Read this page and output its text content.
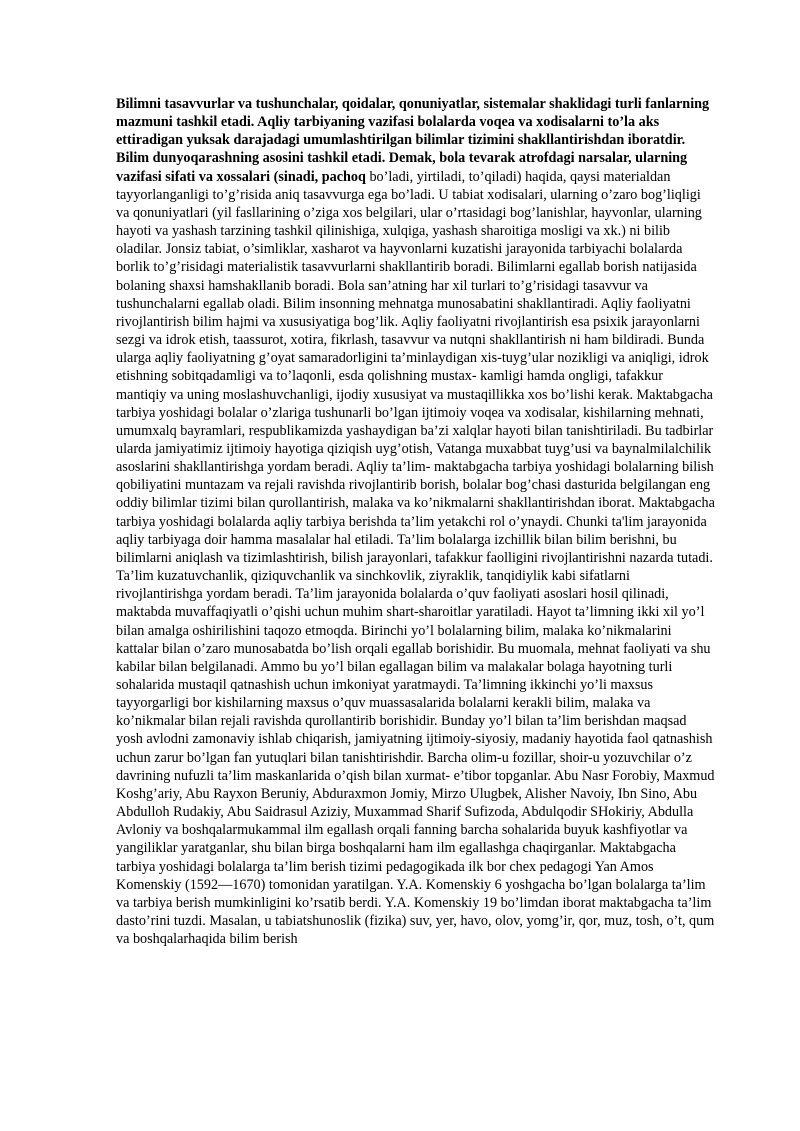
Bilimni tasavvurlar va tushunchalar, qoidalar, qonuniyatlar, sistemalar shaklidagi turli fanlarning mazmuni tashkil etadi. Aqliy tarbiyaning vazifasi bolalarda voqea va xodisalarni to’la aks ettiradigan yuksak darajadagi umumlashtirilgan bilimlar tizimini shakllantirishdan iboratdir. Bilim dunyoqarashning asosini tashkil etadi. Demak, bola tevarak atrofdagi narsalar, ularning vazifasi sifati va xossalari (sinadi, pachoq bo’ladi, yirtiladi, to’qiladi) haqida, qaysi materialdan tayyorlanganligi to’g’risida aniq tasavvurga ega bo’ladi. U tabiat xodisalari, ularning o’zaro bog’liqligi va qonuniyatlari (yil fasllarining o’ziga xos belgilari, ular o’rtasidagi bog’lanishlar, hayvonlar, ularning hayoti va yashash tarzining tashkil qilinishiga, xulqiga, yashash sharoitiga mosligi va xk.) ni bilib oladilar. Jonsiz tabiat, o’simliklar, xasharot va hayvonlarni kuzatishi jarayonida tarbiyachi bolalarda borlik to’g’risidagi materialistik tasavvurlarni shakllantirib boradi. Bilimlarni egallab borish natijasida bolaning shaxsi hamshakllanib boradi. Bola san’atning har xil turlari to’g’risidagi tasavvur va tushunchalarni egallab oladi. Bilim insonning mehnatga munosabatini shakllantiradi. Aqliy faoliyatni rivojlantirish bilim hajmi va xususiyatiga bog’lik. Aqliy faoliyatni rivojlantirish esa psixik jarayonlarni sezgi va idrok etish, taassurot, xotira, fikrlash, tasavvur va nutqni shakllantirish ni ham bildiradi. Bunda ularga aqliy faoliyatning g’oyat samaradorligini ta’minlaydigan xis-tuyg’ular nozikligi va aniqligi, idrok etishning sobitqadamligi va to’laqonli, esda qolishning mustax- kamligi hamda ongligi, tafakkur mantiqiy va uning moslashuvchanligi, ijodiy xususiyat va mustaqillikka xos bo’lishi kerak. Maktabgacha tarbiya yoshidagi bolalar o’zlariga tushunarli bo’lgan ijtimoiy voqea va xodisalar, kishilarning mehnati, umumxalq bayramlari, respublikamizda yashaydigan ba’zi xalqlar hayoti bilan tanishtiriladi. Bu tadbirlar ularda jamiyatimiz ijtimoiy hayotiga qiziqish uyg’otish, Vatanga muxabbat tuyg’usi va baynalmilalchilik asoslarini shakllantirishga yordam beradi. Aqliy ta’lim- maktabgacha tarbiya yoshidagi bolalarning bilish qobiliyatini muntazam va rejali ravishda rivojlantirib borish, bolalar bog’chasi dasturida belgilangan eng oddiy bilimlar tizimi bilan qurollantirish, malaka va ko’nikmalarni shakllantirishdan iborat. Maktabgacha tarbiya yoshidagi bolalarda aqliy tarbiya berishda ta’lim yetakchi rol o’ynaydi. Chunki ta'lim jarayonida aqliy tarbiyaga doir hamma masalalar hal etiladi. Ta’lim bolalarga izchillik bilan bilim berishni, bu bilimlarni aniqlash va tizimlashtirish, bilish jarayonlari, tafakkur faolligini rivojlantirishni nazarda tutadi. Ta’lim kuzatuvchanlik, qiziquvchanlik va sinchkovlik, ziyraklik, tanqidiylik kabi sifatlarni rivojlantirishga yordam beradi. Ta’lim jarayonida bolalarda o’quv faoliyati asoslari hosil qilinadi, maktabda muvaffaqiyatli o’qishi uchun muhim shart-sharoitlar yaratiladi. Hayot ta’limning ikki xil yo’l bilan amalga oshirilishini taqozo etmoqda. Birinchi yo’l bolalarning bilim, malaka ko’nikmalarini kattalar bilan o’zaro munosabatda bo’lish orqali egallab borishidir. Bu muomala, mehnat faoliyati va shu kabilar bilan belgilanadi. Ammo bu yo’l bilan egallagan bilim va malakalar bolaga hayotning turli sohalarida mustaqil qatnashish uchun imkoniyat yaratmaydi. Ta’limning ikkinchi yo’li maxsus tayyorgarligi bor kishilarning maxsus o’quv muassasalarida bolalarni kerakli bilim, malaka va ko’nikmalar bilan rejali ravishda qurollantirib borishidir. Bunday yo’l bilan ta’lim berishdan maqsad yosh avlodni zamonaviy ishlab chiqarish, jamiyatning ijtimoiy-siyosiy, madaniy hayotida faol qatnashish uchun zarur bo’lgan fan yutuqlari bilan tanishtirishdir. Barcha olim-u fozillar, shoir-u yozuvchilar o’z davrining nufuzli ta’lim maskanlarida o’qish bilan xurmat- e’tibor topganlar. Abu Nasr Forobiy, Maxmud Koshg’ariy, Abu Rayxon Beruniy, Abduraxmon Jomiy, Mirzo Ulugbek, Alisher Navoiy, Ibn Sino, Abu Abdulloh Rudakiy, Abu Saidrasul Aziziy, Muxammad Sharif Sufizoda, Abdulqodir SHokiriy, Abdulla Avloniy va boshqalarmukammal ilm egallash orqali fanning barcha sohalarida buyuk kashfiyotlar va yangiliklar yaratganlar, shu bilan birga boshqalarni ham ilm egallashga chaqirganlar. Maktabgacha tarbiya yoshidagi bolalarga ta’lim berish tizimi pedagogikada ilk bor chex pedagogi Yan Amos Komenskiy (1592—1670) tomonidan yaratilgan. Y.A. Komenskiy 6 yoshgacha bo’lgan bolalarga ta’lim va tarbiya berish mumkinligini ko’rsatib berdi. Y.A. Komenskiy 19 bo’limdan iborat maktabgacha ta’lim dasto’rini tuzdi. Masalan, u tabiatshunoslik (fizika) suv, yer, havo, olov, yomg’ir, qor, muz, tosh, o’t, qum va boshqalarhaqida bilim berish
